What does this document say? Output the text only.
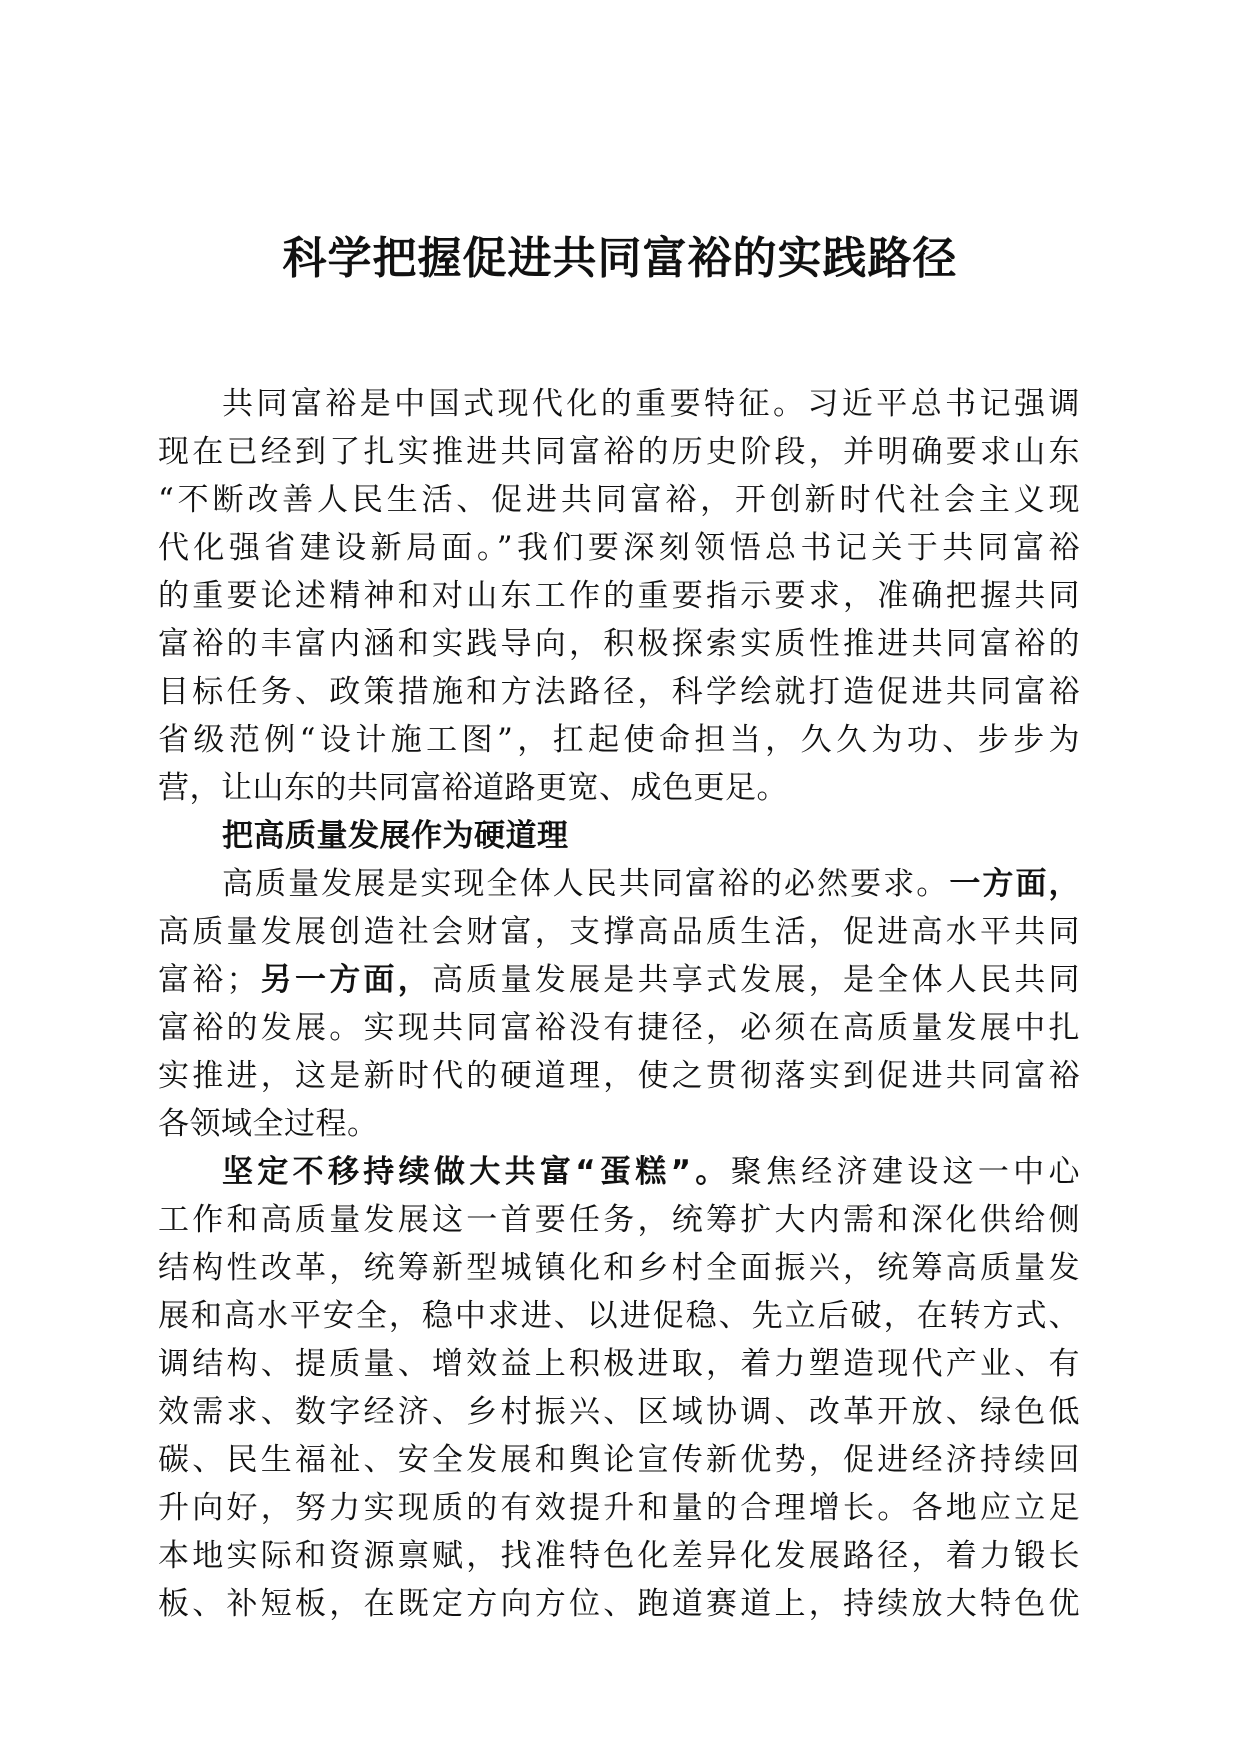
科学把握促进共同富裕的实践路径
共同富裕是中国式现代化的重要特征。习近平总书记强调
现在已经到了扎实推进共同富裕的历史阶段，并明确要求山东
“不断改善人民生活、促进共同富裕，开创新时代社会主义现
代化强省建设新局面。”我们要深刻领悟总书记关于共同富裕
的重要论述精神和对山东工作的重要指示要求，准确把握共同
富裕的丰富内涵和实践导向，积极探索实质性推进共同富裕的
目标任务、政策措施和方法路径，科学绘就打造促进共同富裕
省级范例“设计施工图”，扛起使命担当，久久为功、步步为
营，让山东的共同富裕道路更宽、成色更足。
把高质量发展作为硬道理
高质量发展是实现全体人民共同富裕的必然要求。一方面，
高质量发展创造社会财富，支撑高品质生活，促进高水平共同
富裕；另一方面，高质量发展是共享式发展，是全体人民共同
富裕的发展。实现共同富裕没有捷径，必须在高质量发展中扎
实推进，这是新时代的硬道理，使之贯彻落实到促进共同富裕
各领域全过程。
坚定不移持续做大共富“蛋糕”。聚焦经济建设这一中心
工作和高质量发展这一首要任务，统筹扩大内需和深化供给侧
结构性改革，统筹新型城镇化和乡村全面振兴，统筹高质量发
展和高水平安全，稳中求进、以进促稳、先立后破，在转方式、
调结构、提质量、增效益上积极进取，着力塑造现代产业、有
效需求、数字经济、乡村振兴、区域协调、改革开放、绿色低
碳、民生福祉、安全发展和舆论宣传新优势，促进经济持续回
升向好，努力实现质的有效提升和量的合理增长。各地应立足
本地实际和资源禀赋，找准特色化差异化发展路径，着力锻长
板、补短板，在既定方向方位、跑道赛道上，持续放大特色优
